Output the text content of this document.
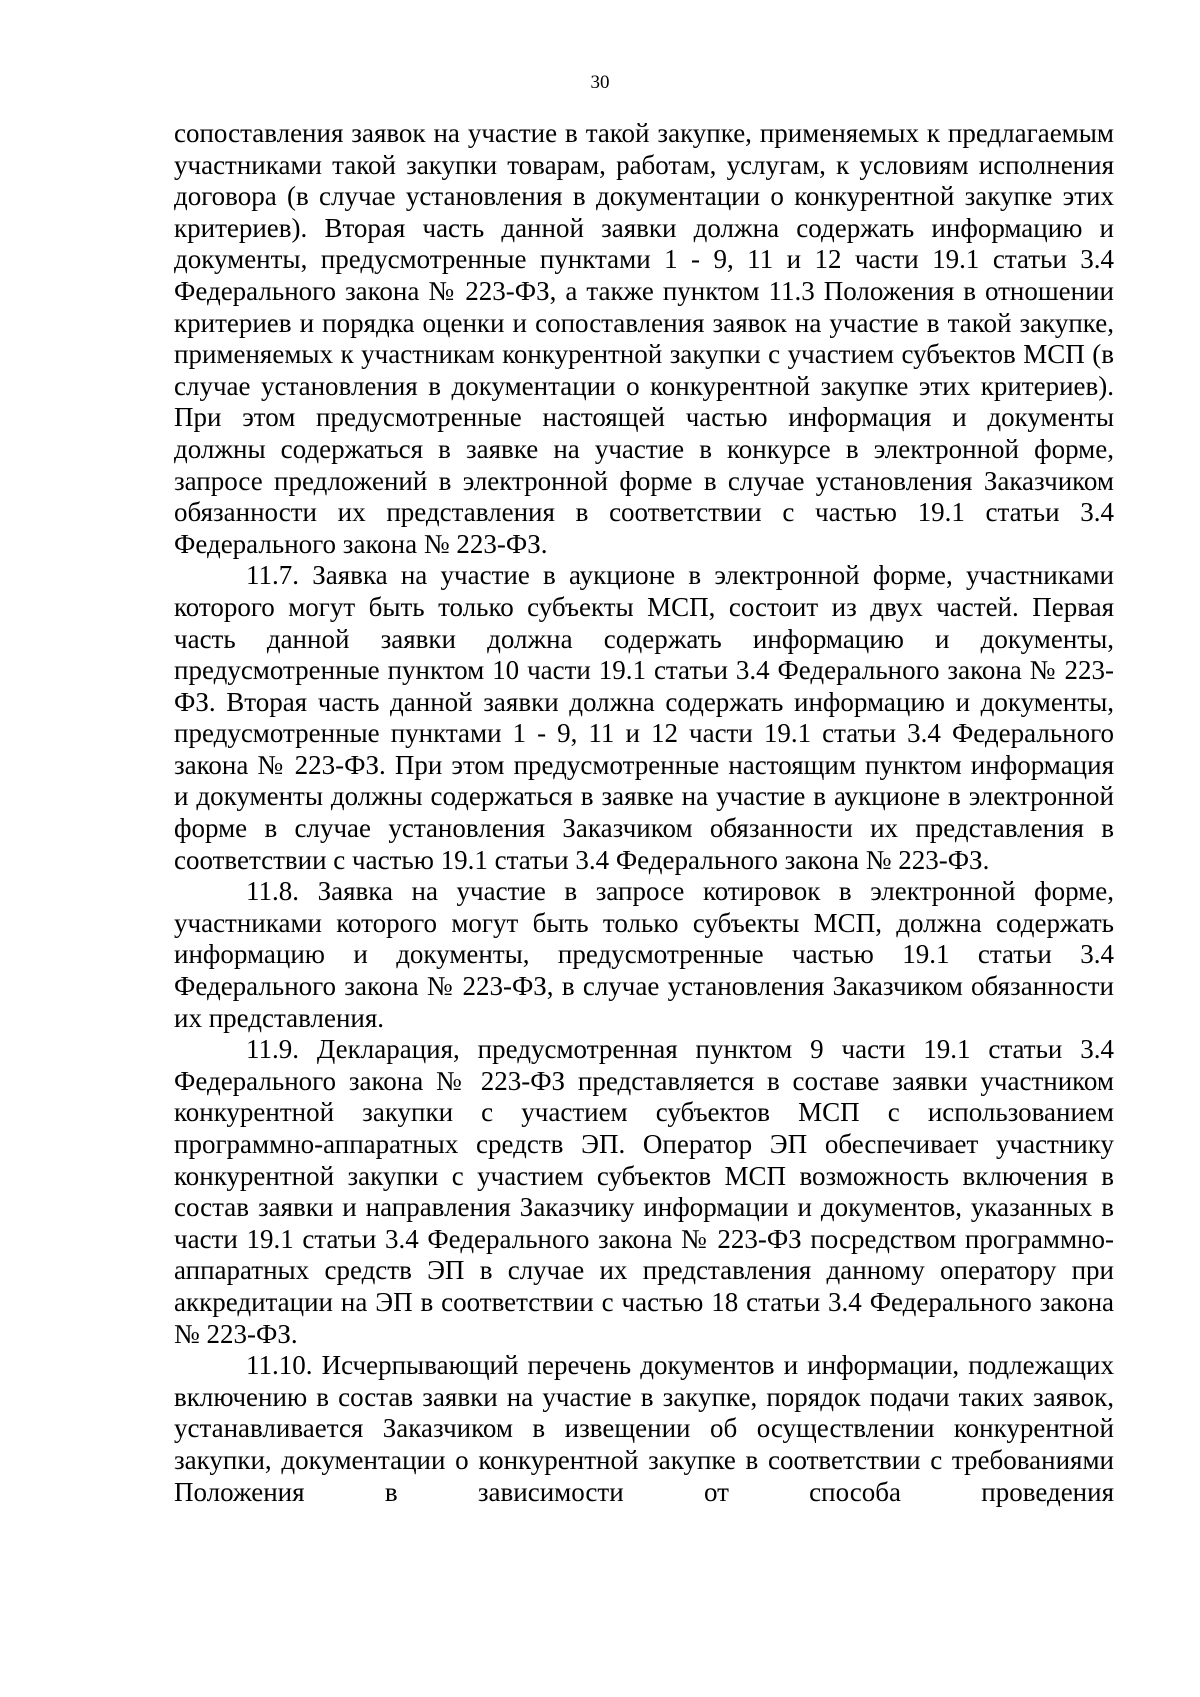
30

сопоставления заявок на участие в такой закупке, применяемых к предлагаемым участниками такой закупки товарам, работам, услугам, к условиям исполнения договора (в случае установления в документации о конкурентной закупке этих критериев). Вторая часть данной заявки должна содержать информацию и документы, предусмотренные пунктами 1 - 9, 11 и 12 части 19.1 статьи 3.4 Федерального закона № 223-ФЗ, а также пунктом 11.3 Положения в отношении критериев и порядка оценки и сопоставления заявок на участие в такой закупке, применяемых к участникам конкурентной закупки с участием субъектов МСП (в случае установления в документации о конкурентной закупке этих критериев). При этом предусмотренные настоящей частью информация и документы должны содержаться в заявке на участие в конкурсе в электронной форме, запросе предложений в электронной форме в случае установления Заказчиком обязанности их представления в соответствии с частью 19.1 статьи 3.4 Федерального закона № 223-ФЗ.

11.7. Заявка на участие в аукционе в электронной форме, участниками которого могут быть только субъекты МСП, состоит из двух частей. Первая часть данной заявки должна содержать информацию и документы, предусмотренные пунктом 10 части 19.1 статьи 3.4 Федерального закона № 223-ФЗ. Вторая часть данной заявки должна содержать информацию и документы, предусмотренные пунктами 1 - 9, 11 и 12 части 19.1 статьи 3.4 Федерального закона № 223-ФЗ. При этом предусмотренные настоящим пунктом информация и документы должны содержаться в заявке на участие в аукционе в электронной форме в случае установления Заказчиком обязанности их представления в соответствии с частью 19.1 статьи 3.4 Федерального закона № 223-ФЗ.

11.8. Заявка на участие в запросе котировок в электронной форме, участниками которого могут быть только субъекты МСП, должна содержать информацию и документы, предусмотренные частью 19.1 статьи 3.4 Федерального закона № 223-ФЗ, в случае установления Заказчиком обязанности их представления.

11.9. Декларация, предусмотренная пунктом 9 части 19.1 статьи 3.4 Федерального закона № 223-ФЗ представляется в составе заявки участником конкурентной закупки с участием субъектов МСП с использованием программно-аппаратных средств ЭП. Оператор ЭП обеспечивает участнику конкурентной закупки с участием субъектов МСП возможность включения в состав заявки и направления Заказчику информации и документов, указанных в части 19.1 статьи 3.4 Федерального закона № 223-ФЗ посредством программно-аппаратных средств ЭП в случае их представления данному оператору при аккредитации на ЭП в соответствии с частью 18 статьи 3.4 Федерального закона № 223-ФЗ.

11.10. Исчерпывающий перечень документов и информации, подлежащих включению в состав заявки на участие в закупке, порядок подачи таких заявок, устанавливается Заказчиком в извещении об осуществлении конкурентной закупки, документации о конкурентной закупке в соответствии с требованиями Положения в зависимости от способа проведения
